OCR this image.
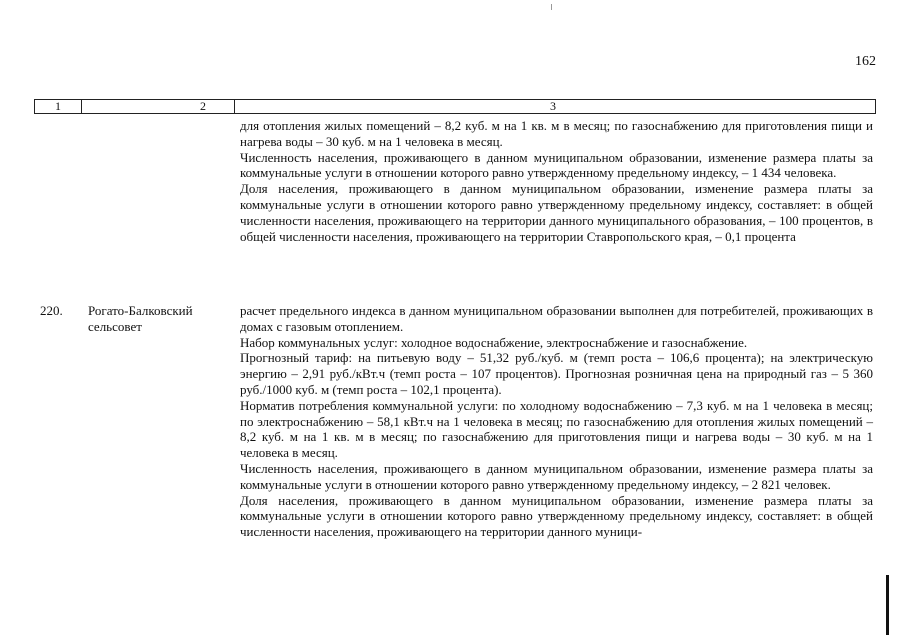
162
1	2	3

для отопления жилых помещений – 8,2 куб. м на 1 кв. м в месяц; по газоснабжению для приготовления пищи и нагрева воды – 30 куб. м на 1 человека в месяц.

Численность населения, проживающего в данном муниципальном образовании, изменение размера платы за коммунальные услуги в отношении которого равно утвержденному предельному индексу, – 1 434 человека.

Доля населения, проживающего в данном муниципальном образовании, изменение размера платы за коммунальные услуги в отношении которого равно утвержденному предельному индексу, составляет: в общей численности населения, проживающего на территории данного муниципального образования, – 100 процентов, в общей численности населения, проживающего на территории Ставропольского края, – 0,1 процента

220.	Рогато-Балковский сельсовет

расчет предельного индекса в данном муниципальном образовании выполнен для потребителей, проживающих в домах с газовым отоплением.

Набор коммунальных услуг: холодное водоснабжение, электроснабжение и газоснабжение.

Прогнозный тариф: на питьевую воду – 51,32 руб./куб. м (темп роста – 106,6 процента); на электрическую энергию – 2,91 руб./кВт.ч (темп роста – 107 процентов). Прогнозная розничная цена на природный газ – 5 360 руб./1000 куб. м (темп роста – 102,1 процента).

Норматив потребления коммунальной услуги: по холодному водоснабжению – 7,3 куб. м на 1 человека в месяц; по электроснабжению – 58,1 кВт.ч на 1 человека в месяц; по газоснабжению для отопления жилых помещений – 8,2 куб. м на 1 кв. м в месяц; по газоснабжению для приготовления пищи и нагрева воды – 30 куб. м на 1 человека в месяц.

Численность населения, проживающего в данном муниципальном образовании, изменение размера платы за коммунальные услуги в отношении которого равно утвержденному предельному индексу, – 2 821 человек.

Доля населения, проживающего в данном муниципальном образовании, изменение размера платы за коммунальные услуги в отношении которого равно утвержденному предельному индексу, составляет: в общей численности населения, проживающего на территории данного муници-
